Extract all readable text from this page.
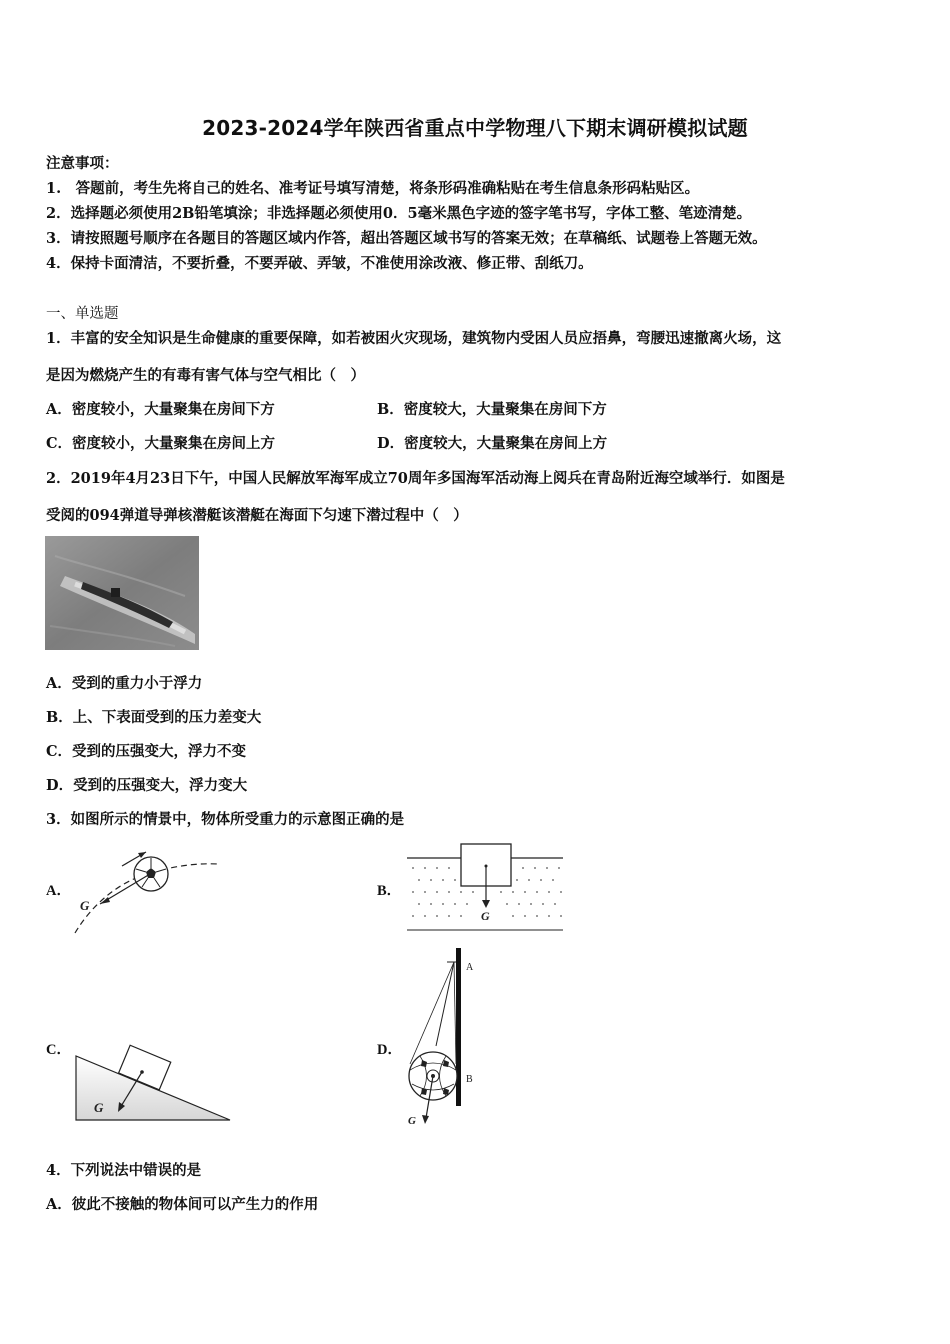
2023-2024学年陕西省重点中学物理八下期末调研模拟试题
注意事项：
1.　答题前，考生先将自己的姓名、准考证号填写清楚，将条形码准确粘贴在考生信息条形码粘贴区。
2．选择题必须使用2B铅笔填涂；非选择题必须使用0．5毫米黑色字迹的签字笔书写，字体工整、笔迹清楚。
3．请按照题号顺序在各题目的答题区域内作答，超出答题区域书写的答案无效；在草稿纸、试题卷上答题无效。
4．保持卡面清洁，不要折叠，不要弄破、弄皱，不准使用涂改液、修正带、刮纸刀。
一、单选题
1．丰富的安全知识是生命健康的重要保障，如若被困火灾现场，建筑物内受困人员应捂鼻，弯腰迅速撤离火场，这
是因为燃烧产生的有毒有害气体与空气相比（　）
A．密度较小，大量聚集在房间下方	B．密度较大，大量聚集在房间下方
C．密度较小，大量聚集在房间上方	D．密度较大，大量聚集在房间上方
2．2019年4月23日下午，中国人民解放军海军成立70周年多国海军活动海上阅兵在青岛附近海空域举行．如图是
受阅的094弹道导弹核潜艇该潜艇在海面下匀速下潜过程中（　）
A．受到的重力小于浮力
B．上、下表面受到的压力差变大
C．受到的压强变大，浮力不变
D．受到的压强变大，浮力变大
3．如图所示的情景中，物体所受重力的示意图正确的是
A．	B．
C．	D．
G
G
G
A
B
G
4．下列说法中错误的是
A．彼此不接触的物体间可以产生力的作用
